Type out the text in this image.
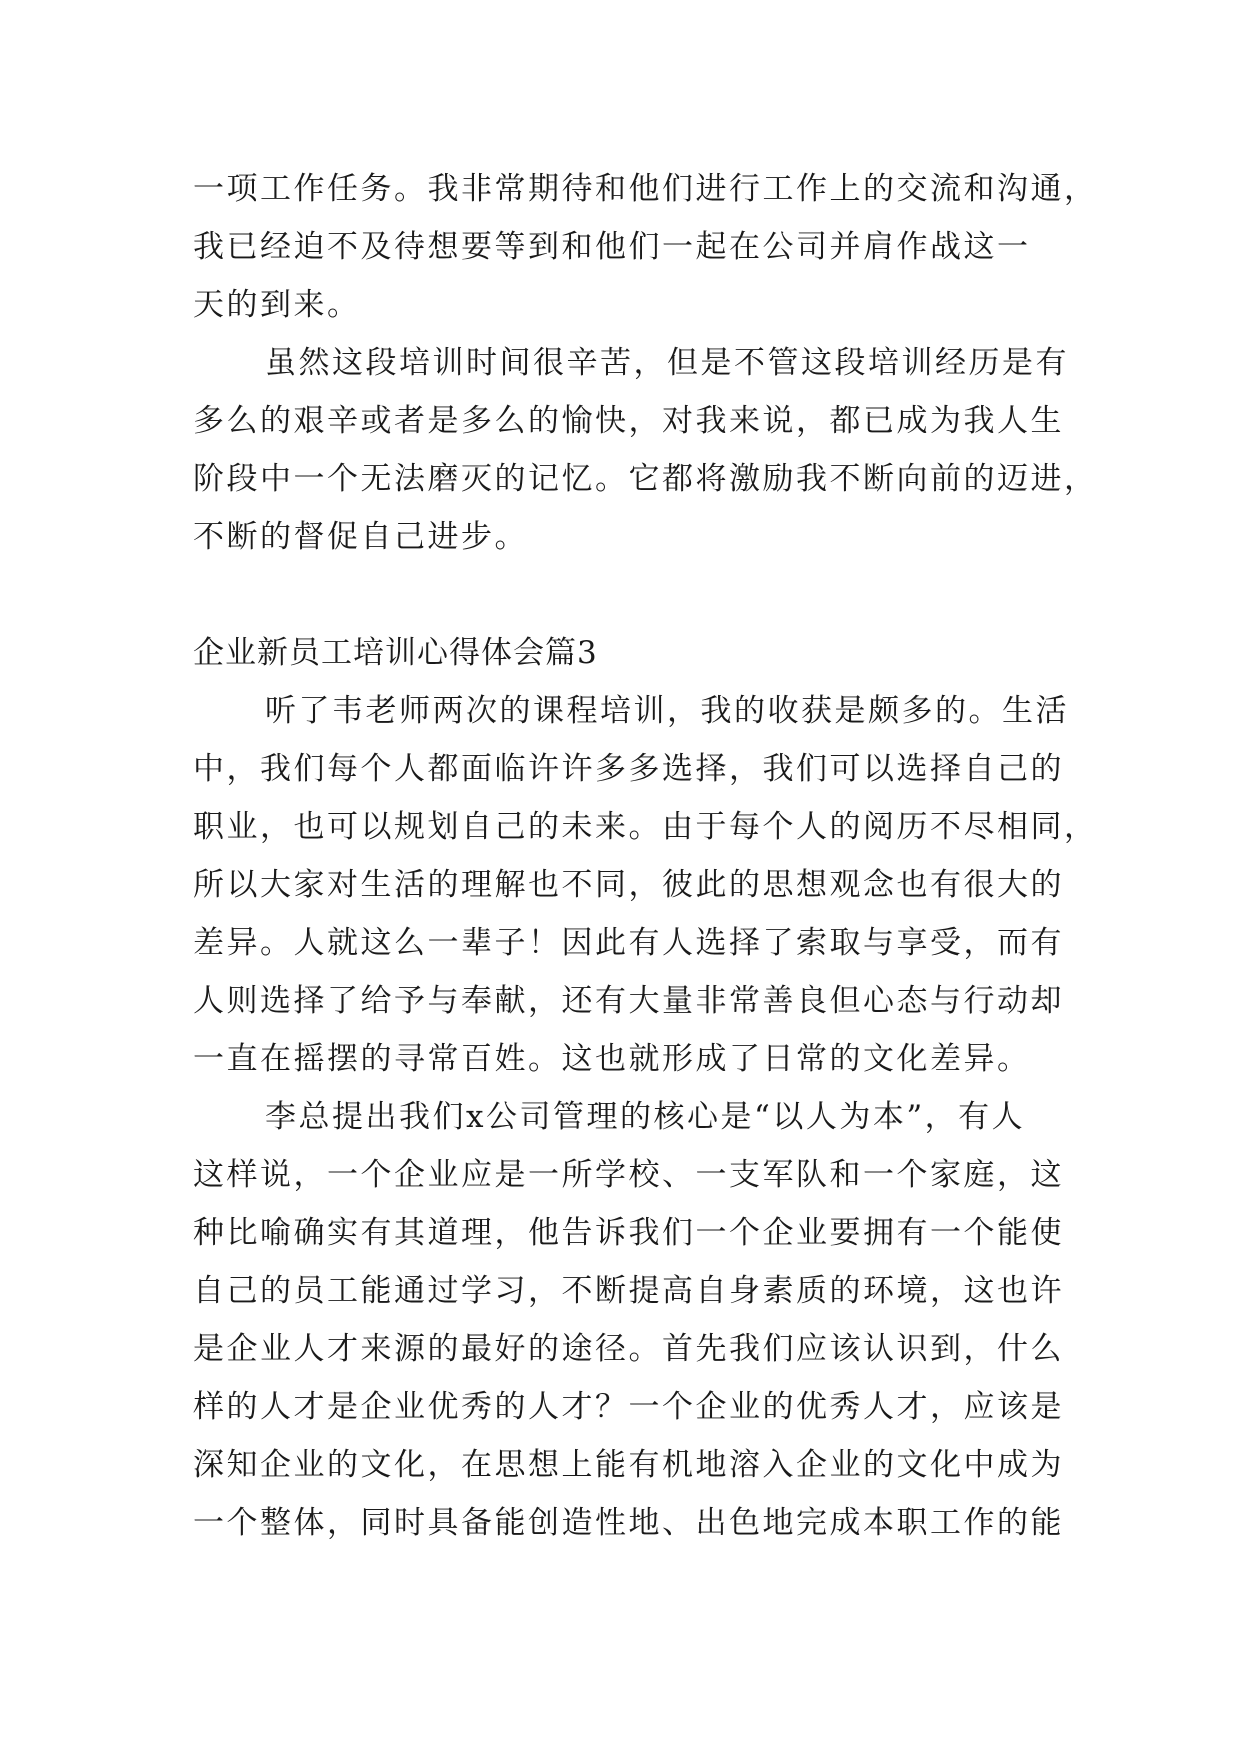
一项工作任务。我非常期待和他们进行工作上的交流和沟通，
我已经迫不及待想要等到和他们一起在公司并肩作战这一
天的到来。
虽然这段培训时间很辛苦，但是不管这段培训经历是有
多么的艰辛或者是多么的愉快，对我来说，都已成为我人生
阶段中一个无法磨灭的记忆。它都将激励我不断向前的迈进，
不断的督促自己进步。
企业新员工培训心得体会篇3
听了韦老师两次的课程培训，我的收获是颇多的。生活
中，我们每个人都面临许许多多选择，我们可以选择自己的
职业，也可以规划自己的未来。由于每个人的阅历不尽相同，
所以大家对生活的理解也不同，彼此的思想观念也有很大的
差异。人就这么一辈子！因此有人选择了索取与享受，而有
人则选择了给予与奉献，还有大量非常善良但心态与行动却
一直在摇摆的寻常百姓。这也就形成了日常的文化差异。
李总提出我们x公司管理的核心是“以人为本”，有人
这样说，一个企业应是一所学校、一支军队和一个家庭，这
种比喻确实有其道理，他告诉我们一个企业要拥有一个能使
自己的员工能通过学习，不断提高自身素质的环境，这也许
是企业人才来源的最好的途径。首先我们应该认识到，什么
样的人才是企业优秀的人才？一个企业的优秀人才，应该是
深知企业的文化，在思想上能有机地溶入企业的文化中成为
一个整体，同时具备能创造性地、出色地完成本职工作的能
